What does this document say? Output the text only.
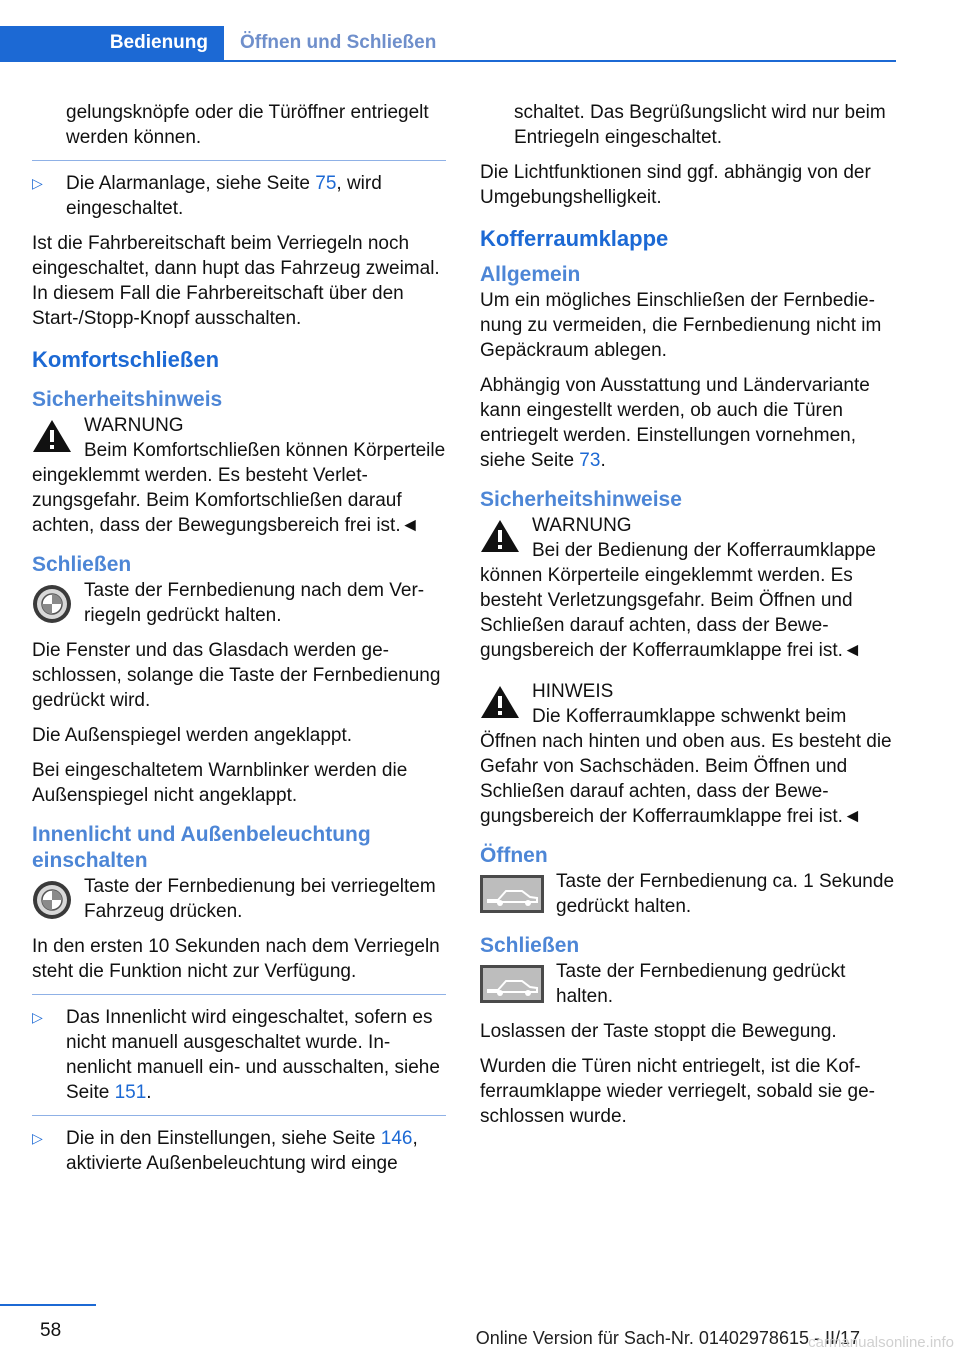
Bedienung	Öffnen und Schließen

gelungsknöpfe oder die Türöffner entriegelt werden können.

▷ Die Alarmanlage, siehe Seite 75, wird eingeschaltet.

Ist die Fahrbereitschaft beim Verriegeln noch eingeschaltet, dann hupt das Fahrzeug zweimal. In diesem Fall die Fahrbereitschaft über den Start-/Stopp-Knopf ausschalten.

Komfortschließen
Sicherheitshinweis
WARNUNG
Beim Komfortschließen können Körperteile eingeklemmt werden. Es besteht Verletzungsgefahr. Beim Komfortschließen darauf achten, dass der Bewegungsbereich frei ist.◄
Schließen
Taste der Fernbedienung nach dem Verriegeln gedrückt halten.

Die Fenster und das Glasdach werden geschlossen, solange die Taste der Fernbedienung gedrückt wird.

Die Außenspiegel werden angeklappt.

Bei eingeschaltetem Warnblinker werden die Außenspiegel nicht angeklappt.

Innenlicht und Außenbeleuchtung einschalten
Taste der Fernbedienung bei verriegeltem Fahrzeug drücken.

In den ersten 10 Sekunden nach dem Verriegeln steht die Funktion nicht zur Verfügung.

▷ Das Innenlicht wird eingeschaltet, sofern es nicht manuell ausgeschaltet wurde. Innenlicht manuell ein- und ausschalten, siehe Seite 151.
▷ Die in den Einstellungen, siehe Seite 146, aktivierte Außenbeleuchtung wird einge

schaltet. Das Begrüßungslicht wird nur beim Entriegeln eingeschaltet.

Die Lichtfunktionen sind ggf. abhängig von der Umgebungshelligkeit.

Kofferraumklappe
Allgemein

Um ein mögliches Einschließen der Fernbedienung zu vermeiden, die Fernbedienung nicht im Gepäckraum ablegen.

Abhängig von Ausstattung und Ländervariante kann eingestellt werden, ob auch die Türen entriegelt werden. Einstellungen vornehmen, siehe Seite 73.

Sicherheitshinweise
WARNUNG
Bei der Bedienung der Kofferraumklappe können Körperteile eingeklemmt werden. Es besteht Verletzungsgefahr. Beim Öffnen und Schließen darauf achten, dass der Bewegungsbereich der Kofferraumklappe frei ist.◄
HINWEIS
Die Kofferraumklappe schwenkt beim Öffnen nach hinten und oben aus. Es besteht die Gefahr von Sachschäden. Beim Öffnen und Schließen darauf achten, dass der Bewegungsbereich der Kofferraumklappe frei ist.◄
Öffnen
Taste der Fernbedienung ca. 1 Sekunde gedrückt halten.
Schließen
Taste der Fernbedienung gedrückt halten.

Loslassen der Taste stoppt die Bewegung.

Wurden die Türen nicht entriegelt, ist die Kofferraumklappe wieder verriegelt, sobald sie geschlossen wurde.

58	Online Version für Sach-Nr. 01402978615 - II/17
carmanualsonline.info
